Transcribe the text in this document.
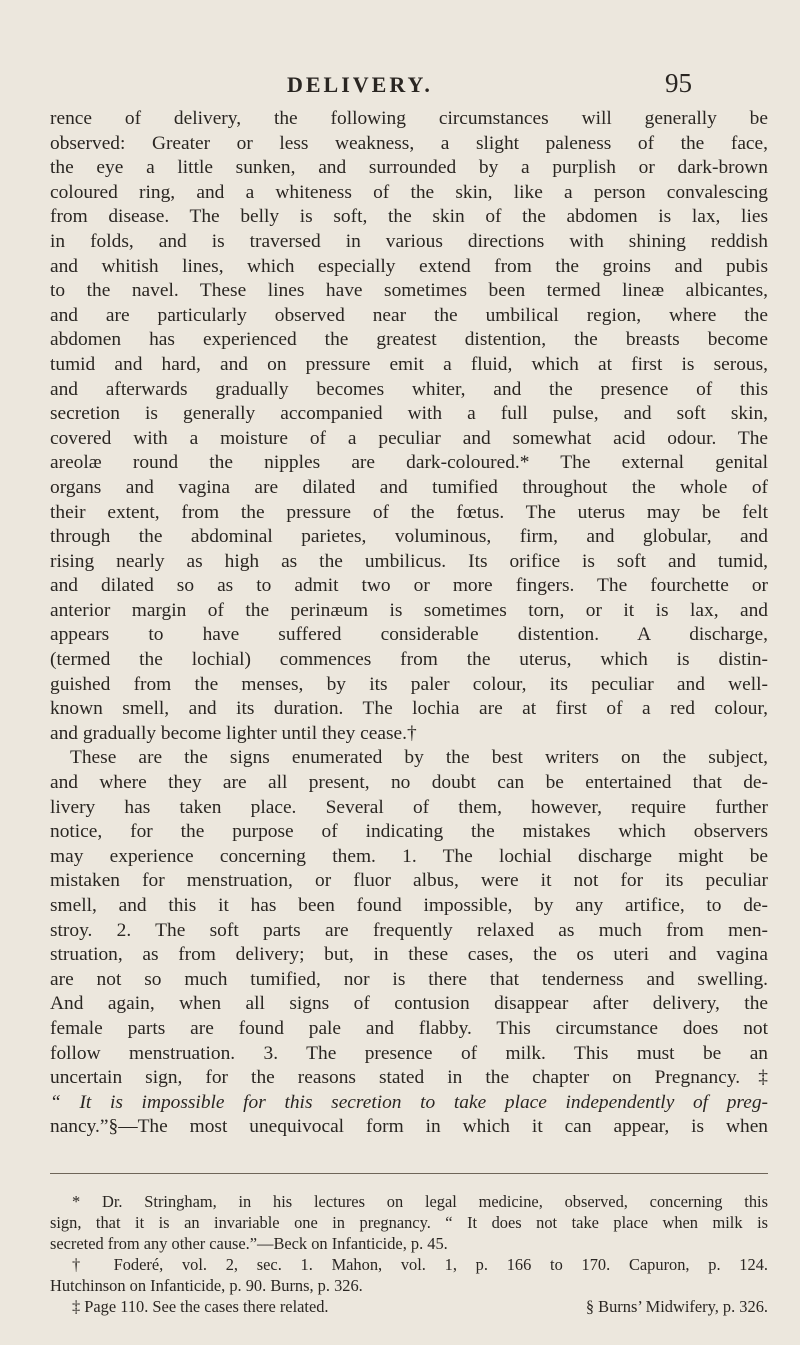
DELIVERY.	95
rence of delivery, the following circumstances will generally be
observed: Greater or less weakness, a slight paleness of the face,
the eye a little sunken, and surrounded by a purplish or dark-brown
coloured ring, and a whiteness of the skin, like a person convalescing
from disease. The belly is soft, the skin of the abdomen is lax, lies
in folds, and is traversed in various directions with shining reddish
and whitish lines, which especially extend from the groins and pubis
to the navel. These lines have sometimes been termed lineæ albicantes,
and are particularly observed near the umbilical region, where the
abdomen has experienced the greatest distention, the breasts become
tumid and hard, and on pressure emit a fluid, which at first is serous,
and afterwards gradually becomes whiter, and the presence of this
secretion is generally accompanied with a full pulse, and soft skin,
covered with a moisture of a peculiar and somewhat acid odour. The
areolæ round the nipples are dark-coloured.* The external genital
organs and vagina are dilated and tumified throughout the whole of
their extent, from the pressure of the fœtus. The uterus may be felt
through the abdominal parietes, voluminous, firm, and globular, and
rising nearly as high as the umbilicus. Its orifice is soft and tumid,
and dilated so as to admit two or more fingers. The fourchette or
anterior margin of the perinæum is sometimes torn, or it is lax, and
appears to have suffered considerable distention. A discharge,
(termed the lochial) commences from the uterus, which is distin-
guished from the menses, by its paler colour, its peculiar and well-
known smell, and its duration. The lochia are at first of a red colour,
and gradually become lighter until they cease.†
These are the signs enumerated by the best writers on the subject,
and where they are all present, no doubt can be entertained that de-
livery has taken place. Several of them, however, require further
notice, for the purpose of indicating the mistakes which observers
may experience concerning them. 1. The lochial discharge might be
mistaken for menstruation, or fluor albus, were it not for its peculiar
smell, and this it has been found impossible, by any artifice, to de-
stroy. 2. The soft parts are frequently relaxed as much from men-
struation, as from delivery; but, in these cases, the os uteri and vagina
are not so much tumified, nor is there that tenderness and swelling.
And again, when all signs of contusion disappear after delivery, the
female parts are found pale and flabby. This circumstance does not
follow menstruation. 3. The presence of milk. This must be an
uncertain sign, for the reasons stated in the chapter on Pregnancy.‡
“ It is impossible for this secretion to take place independently of preg-
nancy.”§—The most unequivocal form in which it can appear, is when
* Dr. Stringham, in his lectures on legal medicine, observed, concerning this
sign, that it is an invariable one in pregnancy. “ It does not take place when milk is
secreted from any other cause.”—Beck on Infanticide, p. 45.
† Foderé, vol. 2, sec. 1. Mahon, vol. 1, p. 166 to 170. Capuron, p. 124.
Hutchinson on Infanticide, p. 90. Burns, p. 326.
‡ Page 110. See the cases there related.	§ Burns’ Midwifery, p. 326.
